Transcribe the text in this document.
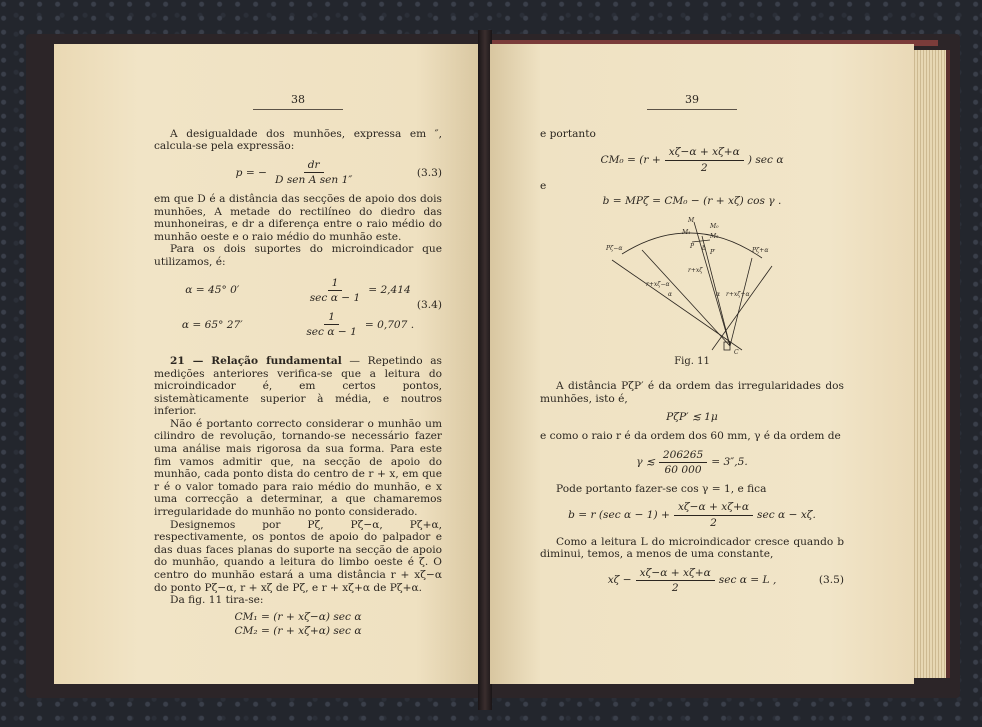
38

A desigualdade dos munhões, expressa em ″, calcula-se pela expressão:

p = − $\frac{dr}{\text{D sen A sen 1″}}$	(3.3)

em que D é a distância das secções de apoio dos dois munhões, A metade do rectilíneo do diedro das munhoneiras, e dr a diferença entre o raio médio do munhão oeste e o raio médio do munhão este.

Para os dois suportes do microindicador que utilizamos, é:

α = 45° 0′	$\frac{1}{\text{sec α − 1}} = 2,414$
α = 65° 27′	$\frac{1}{\text{sec α − 1}} = 0,707$ .
(3.4)

21 — Relação fundamental — Repetindo as medições anteriores verifica-se que a leitura do microindicador é, em certos pontos, sistemàticamente superior à média, e noutros inferior.

Não é portanto correcto considerar o munhão um cilindro de revolução, tornando-se necessário fazer uma análise mais rigorosa da sua forma. Para este fim vamos admitir que, na secção de apoio do munhão, cada ponto dista do centro de r + x, em que r é o valor tomado para raio médio do munhão, e x uma correcção a determinar, a que chamaremos irregularidade do munhão no ponto considerado.

Designemos por Pζ, Pζ−α, Pζ+α, respectivamente, os pontos de apoio do palpador e das duas faces planas do suporte na secção de apoio do munhão, quando a leitura do limbo oeste é ζ. O centro do munhão estará a uma distância r + xζ−α do ponto Pζ−α, r + xζ de Pζ, e r + xζ+α de Pζ+α.

Da fig. 11 tira-se:

CM₁ = (r + xζ−α) sec α
CM₂ = (r + xζ+α) sec α
39

e portanto

$CM_0 = (r + \frac{x\zeta-\alpha + x\zeta+\alpha}{2}$ ) sec α

e

b = MPζ = CM₀ − (r + xζ) cos γ .
M
M₀
M₁
M₂
P b
P′
Pζ−α	Pζ+α
r+xζ
r+xζ−α
r+xζ+α
α	α
C
Fig. 11

A distância PζP′ é da ordem das irregularidades dos munhões, isto é,

PζP′ ≲ 1μ

e como o raio r é da ordem dos 60 mm, γ é da ordem de

γ ≲ $\frac{206265}{60 000} = 3'',5$.

Pode portanto fazer-se cos γ = 1, e fica

b = r (sec $\alpha - 1) + \frac{x\zeta-\alpha + x\zeta+\alpha}{2}$ sec α − xζ.

Como a leitura L do microindicador cresce quando b diminui, temos, a menos de uma constante,

$x\zeta - \frac{x\zeta-\alpha + x\zeta+\alpha}{2}$ sec α = L ,	(3.5)
